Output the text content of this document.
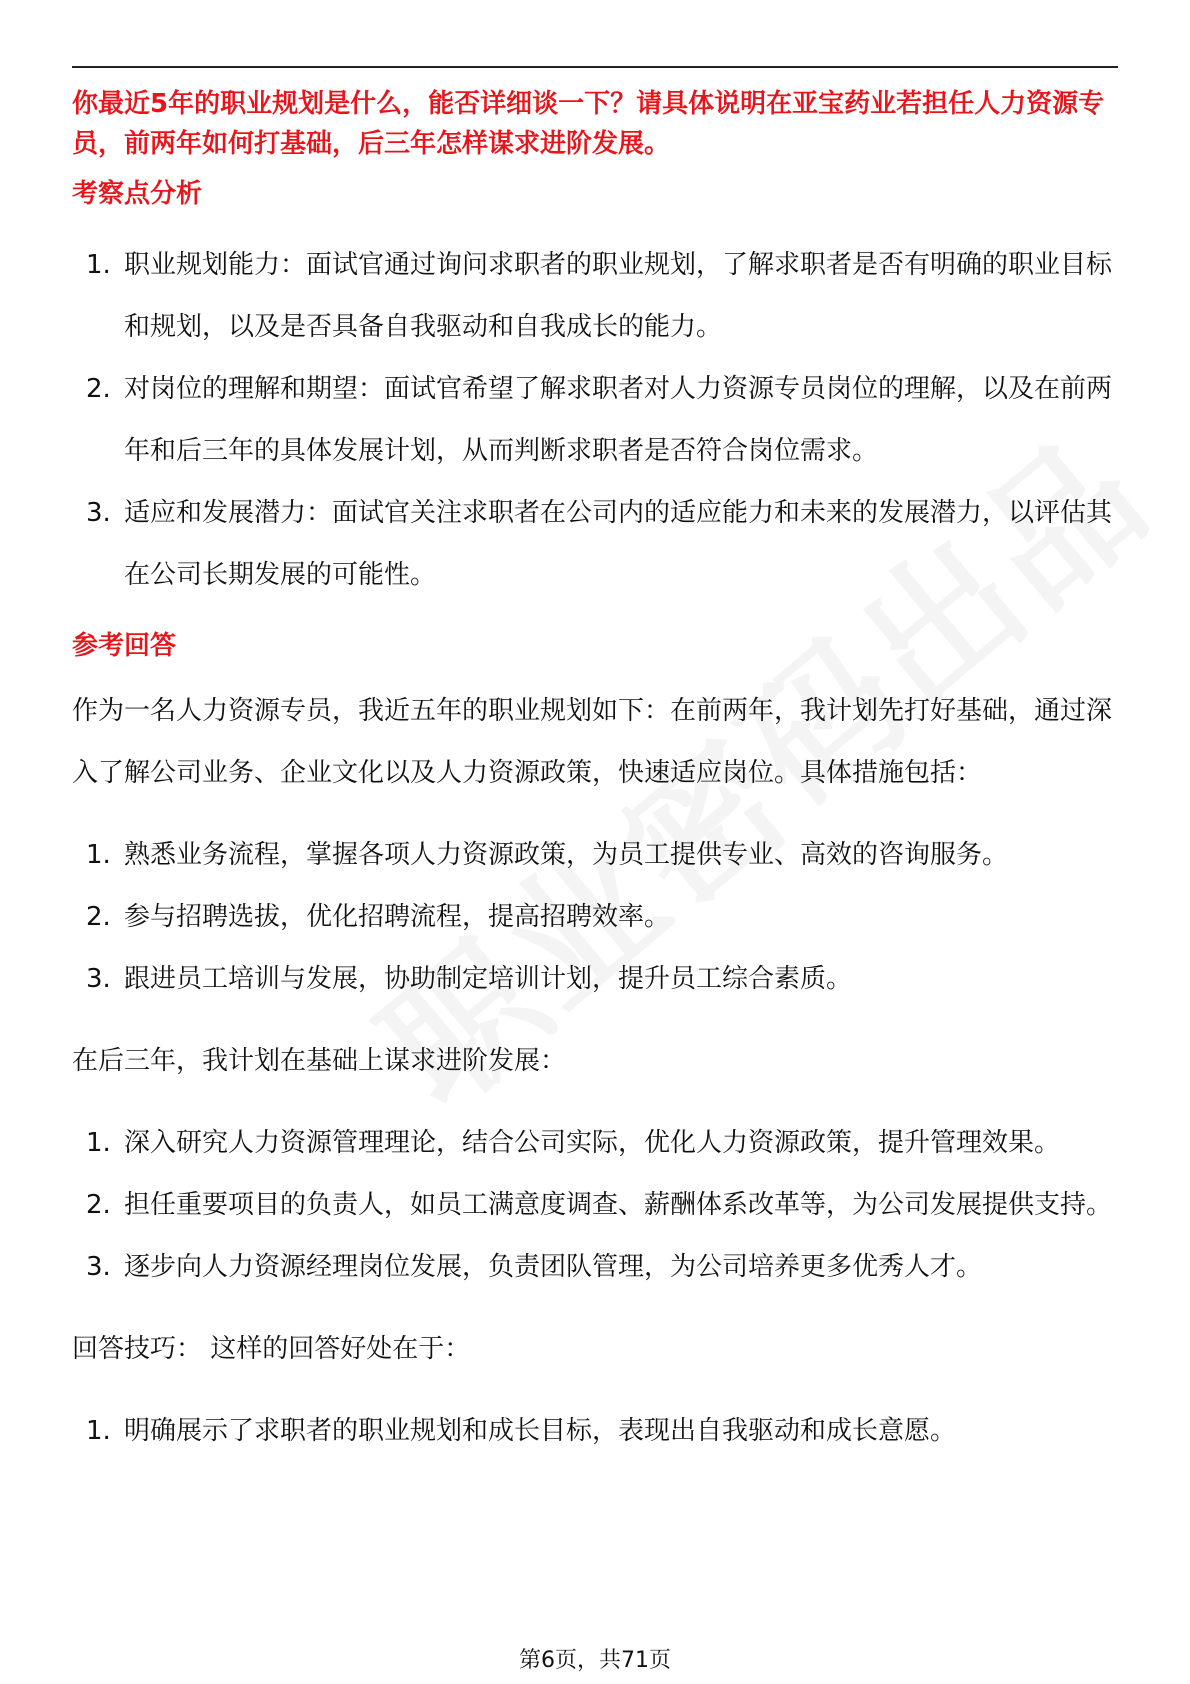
你最近5年的职业规划是什么，能否详细谈一下？请具体说明在亚宝药业若担任人力资源专员，前两年如何打基础，后三年怎样谋求进阶发展。

考察点分析

1. 职业规划能力：面试官通过询问求职者的职业规划，了解求职者是否有明确的职业目标和规划，以及是否具备自我驱动和自我成长的能力。
2. 对岗位的理解和期望：面试官希望了解求职者对人力资源专员岗位的理解，以及在前两年和后三年的具体发展计划，从而判断求职者是否符合岗位需求。
3. 适应和发展潜力：面试官关注求职者在公司内的适应能力和未来的发展潜力，以评估其在公司长期发展的可能性。

参考回答

作为一名人力资源专员，我近五年的职业规划如下：在前两年，我计划先打好基础，通过深入了解公司业务、企业文化以及人力资源政策，快速适应岗位。具体措施包括：

1. 熟悉业务流程，掌握各项人力资源政策，为员工提供专业、高效的咨询服务。
2. 参与招聘选拔，优化招聘流程，提高招聘效率。
3. 跟进员工培训与发展，协助制定培训计划，提升员工综合素质。

在后三年，我计划在基础上谋求进阶发展：

1. 深入研究人力资源管理理论，结合公司实际，优化人力资源政策，提升管理效果。
2. 担任重要项目的负责人，如员工满意度调查、薪酬体系改革等，为公司发展提供支持。
3. 逐步向人力资源经理岗位发展，负责团队管理，为公司培养更多优秀人才。

回答技巧： 这样的回答好处在于：

1. 明确展示了求职者的职业规划和成长目标，表现出自我驱动和成长意愿。
第6页，共71页
